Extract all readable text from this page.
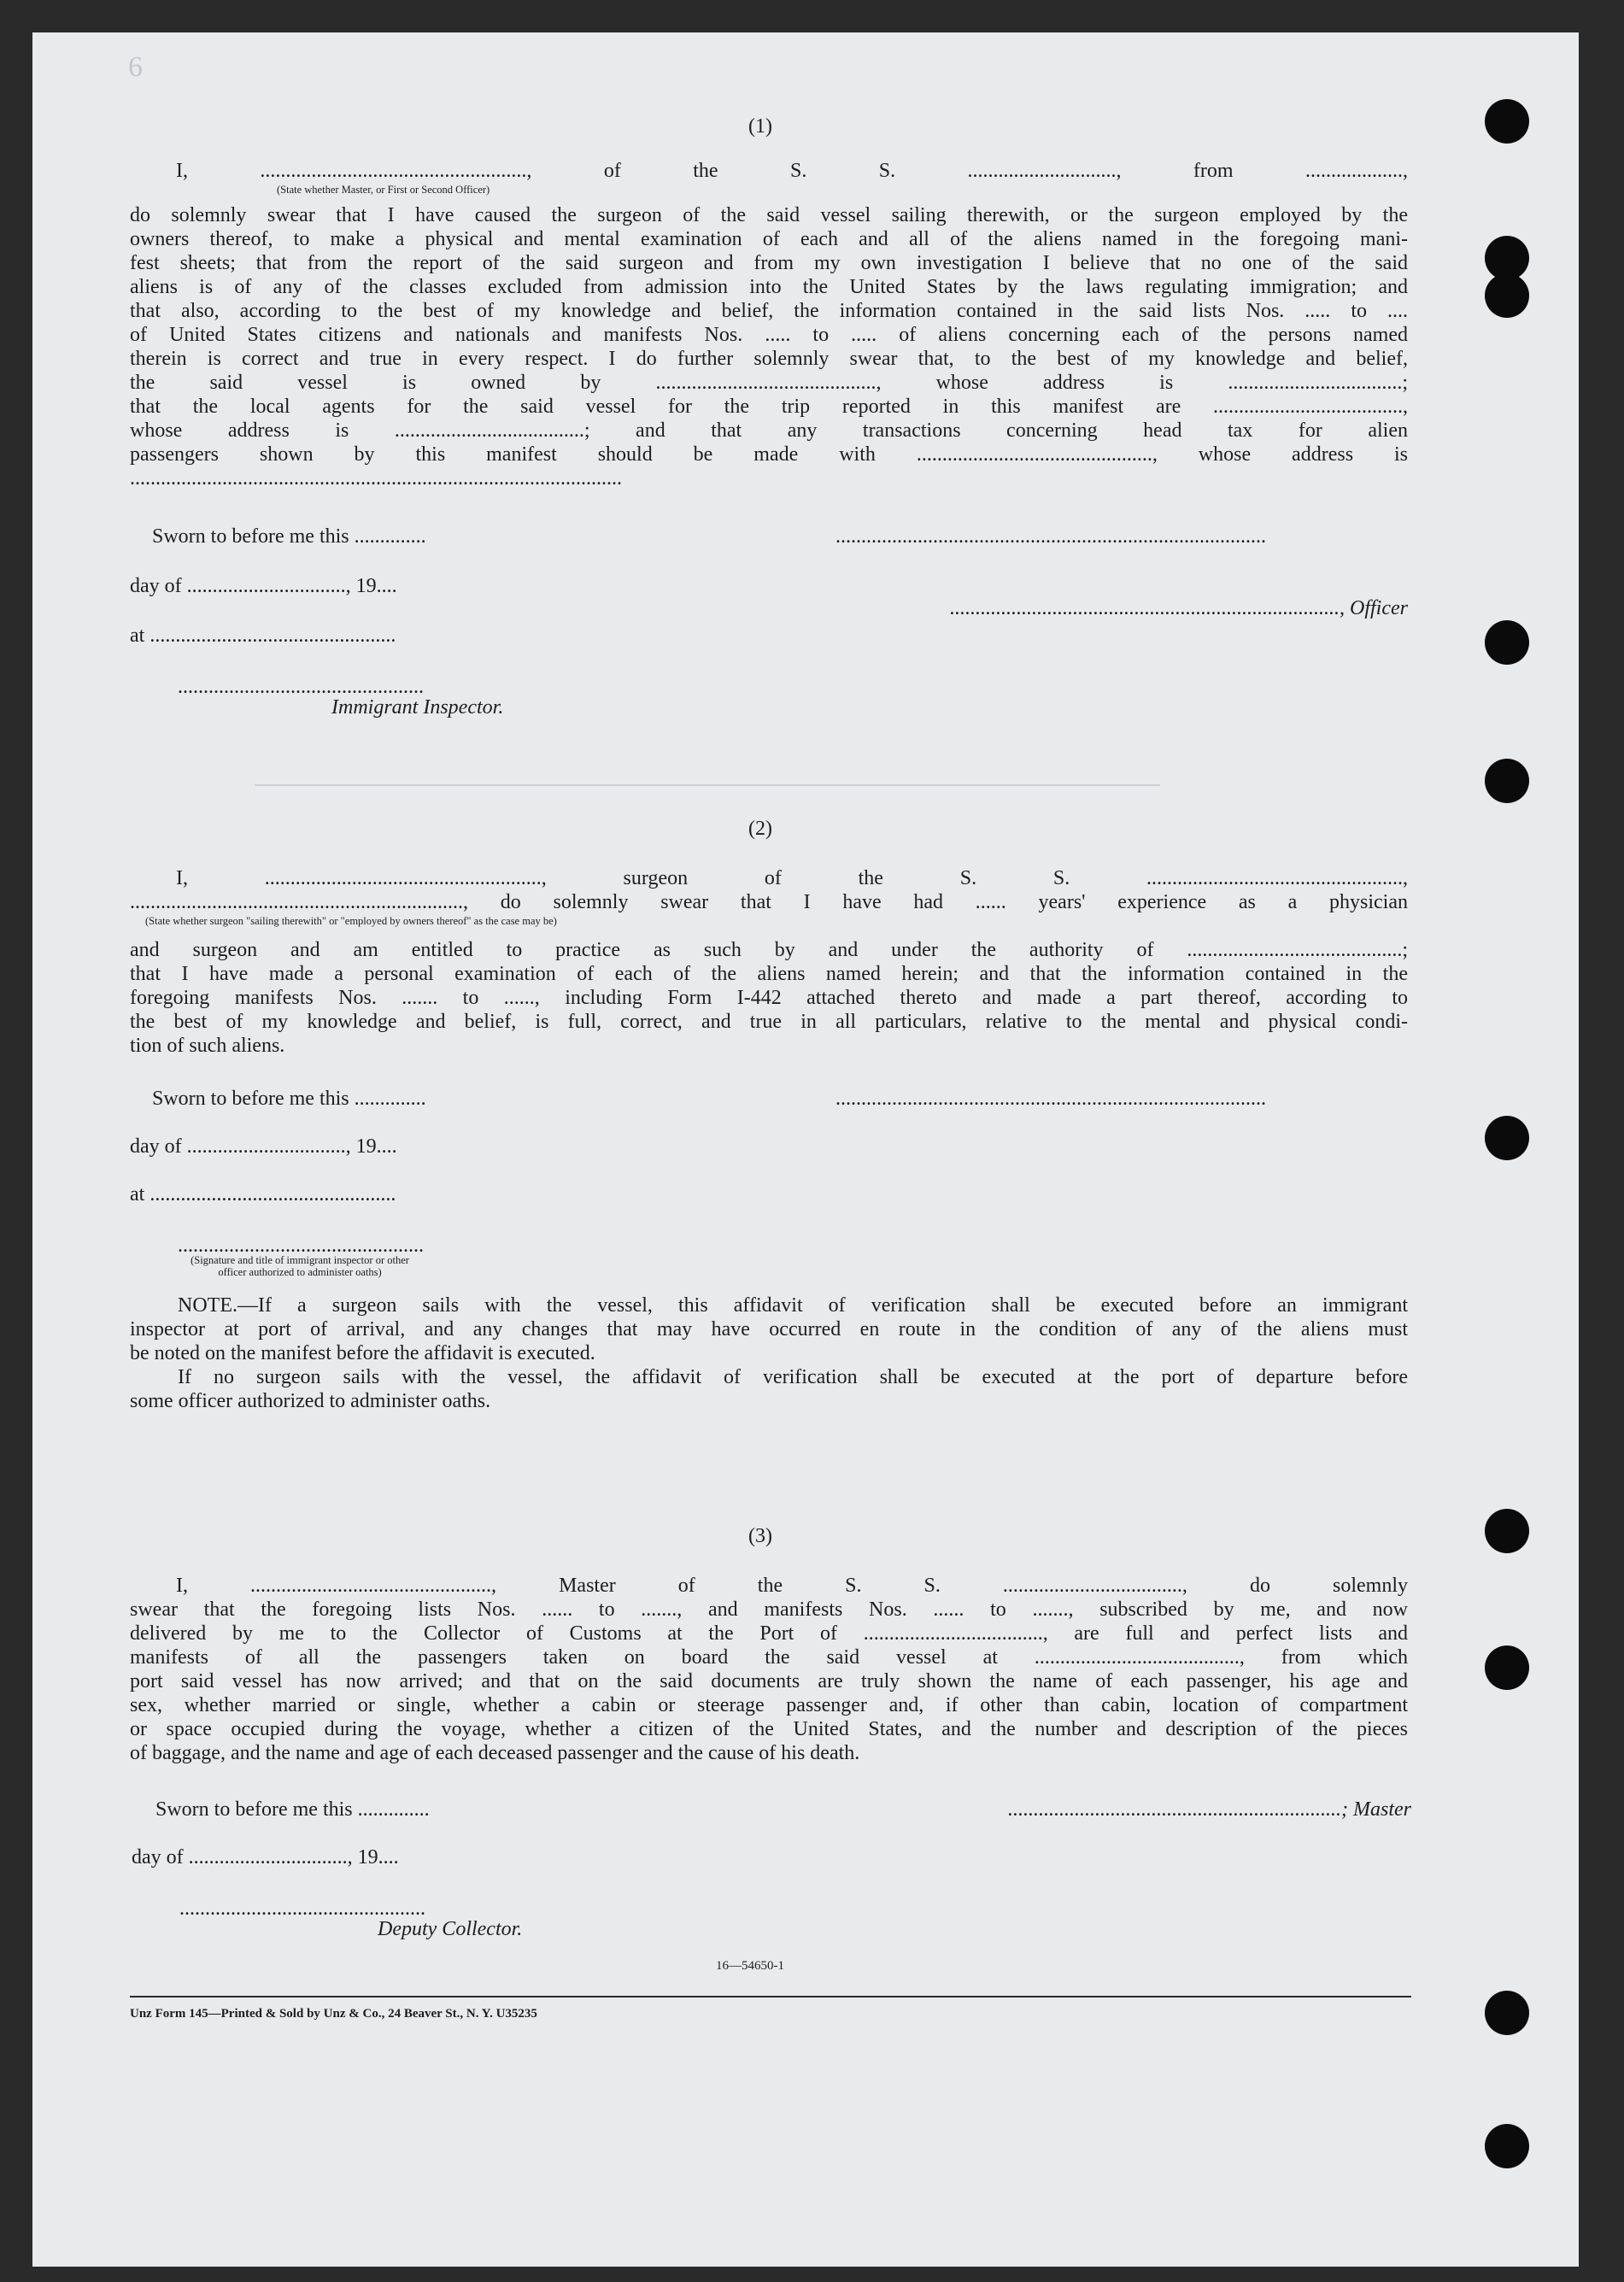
6
(1)
I, ...................................................., of the S. S. ............................., from ...................,
(State whether Master, or First or Second Officer)
do solemnly swear that I have caused the surgeon of the said vessel sailing therewith, or the surgeon employed by the
owners thereof, to make a physical and mental examination of each and all of the aliens named in the foregoing mani-
fest sheets; that from the report of the said surgeon and from my own investigation I believe that no one of the said
aliens is of any of the classes excluded from admission into the United States by the laws regulating immigration; and
that also, according to the best of my knowledge and belief, the information contained in the said lists Nos. ..... to ....
of United States citizens and nationals and manifests Nos. ..... to ..... of aliens concerning each of the persons named
therein is correct and true in every respect. I do further solemnly swear that, to the best of my knowledge and belief,
the said vessel is owned by ..........................................., whose address is ..................................;
that the local agents for the said vessel for the trip reported in this manifest are .....................................,
whose address is .....................................; and that any transactions concerning head tax for alien
passengers shown by this manifest should be made with .............................................., whose address is
................................................................................................
Sworn to before me this ..............	....................................................................................
day of ..............................., 19....
............................................................................, Officer
at ................................................
................................................
Immigrant Inspector.
(2)
I, ......................................................, surgeon of the S. S. ..................................................,
................................................................., do solemnly swear that I have had ...... years' experience as a physician
(State whether surgeon "sailing therewith" or "employed by owners thereof" as the case may be)
and surgeon and am entitled to practice as such by and under the authority of ..........................................;
that I have made a personal examination of each of the aliens named herein; and that the information contained in the
foregoing manifests Nos. ....... to ......, including Form I-442 attached thereto and made a part thereof, according to
the best of my knowledge and belief, is full, correct, and true in all particulars, relative to the mental and physical condi-
tion of such aliens.
Sworn to before me this ..............	....................................................................................
day of ..............................., 19....
at ................................................
................................................
(Signature and title of immigrant inspector or other officer authorized to administer oaths)
NOTE.—If a surgeon sails with the vessel, this affidavit of verification shall be executed before an immigrant
inspector at port of arrival, and any changes that may have occurred en route in the condition of any of the aliens must
be noted on the manifest before the affidavit is executed.
If no surgeon sails with the vessel, the affidavit of verification shall be executed at the port of departure before
some officer authorized to administer oaths.
(3)
I, ..............................................., Master of the S. S. ..................................., do solemnly
swear that the foregoing lists Nos. ...... to ......., and manifests Nos. ...... to ......., subscribed by me, and now
delivered by me to the Collector of Customs at the Port of ..................................., are full and perfect lists and
manifests of all the passengers taken on board the said vessel at ........................................, from which
port said vessel has now arrived; and that on the said documents are truly shown the name of each passenger, his age and
sex, whether married or single, whether a cabin or steerage passenger and, if other than cabin, location of compartment
or space occupied during the voyage, whether a citizen of the United States, and the number and description of the pieces
of baggage, and the name and age of each deceased passenger and the cause of his death.
Sworn to before me this ..............	.................................................................; Master
day of ..............................., 19....
................................................
Deputy Collector.
16—54650-1
Unz Form 145—Printed & Sold by Unz & Co., 24 Beaver St., N. Y. U35235
